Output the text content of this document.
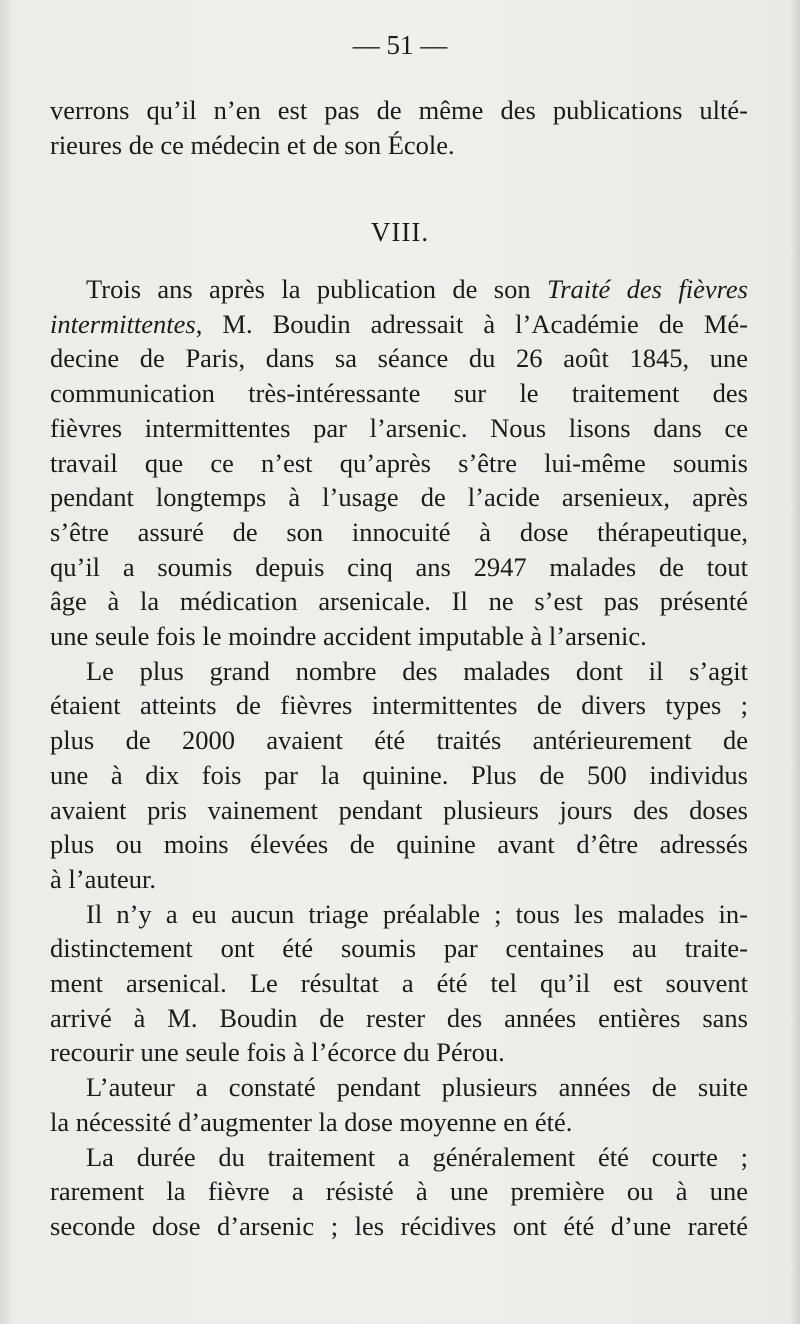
— 51 —
verrons qu’il n’en est pas de même des publications ulté-
rieures de ce médecin et de son École.
VIII.
Trois ans après la publication de son Traité des fièvres
intermittentes, M. Boudin adressait à l’Académie de Mé-
decine de Paris, dans sa séance du 26 août 1845, une
communication très-intéressante sur le traitement des
fièvres intermittentes par l’arsenic. Nous lisons dans ce
travail que ce n’est qu’après s’être lui-même soumis
pendant longtemps à l’usage de l’acide arsenieux, après
s’être assuré de son innocuité à dose thérapeutique,
qu’il a soumis depuis cinq ans 2947 malades de tout
âge à la médication arsenicale. Il ne s’est pas présenté
une seule fois le moindre accident imputable à l’arsenic.
Le plus grand nombre des malades dont il s’agit
étaient atteints de fièvres intermittentes de divers types ;
plus de 2000 avaient été traités antérieurement de
une à dix fois par la quinine. Plus de 500 individus
avaient pris vainement pendant plusieurs jours des doses
plus ou moins élevées de quinine avant d’être adressés
à l’auteur.
Il n’y a eu aucun triage préalable ; tous les malades in-
distinctement ont été soumis par centaines au traite-
ment arsenical. Le résultat a été tel qu’il est souvent
arrivé à M. Boudin de rester des années entières sans
recourir une seule fois à l’écorce du Pérou.
L’auteur a constaté pendant plusieurs années de suite
la nécessité d’augmenter la dose moyenne en été.
La durée du traitement a généralement été courte ;
rarement la fièvre a résisté à une première ou à une
seconde dose d’arsenic ; les récidives ont été d’une rareté
